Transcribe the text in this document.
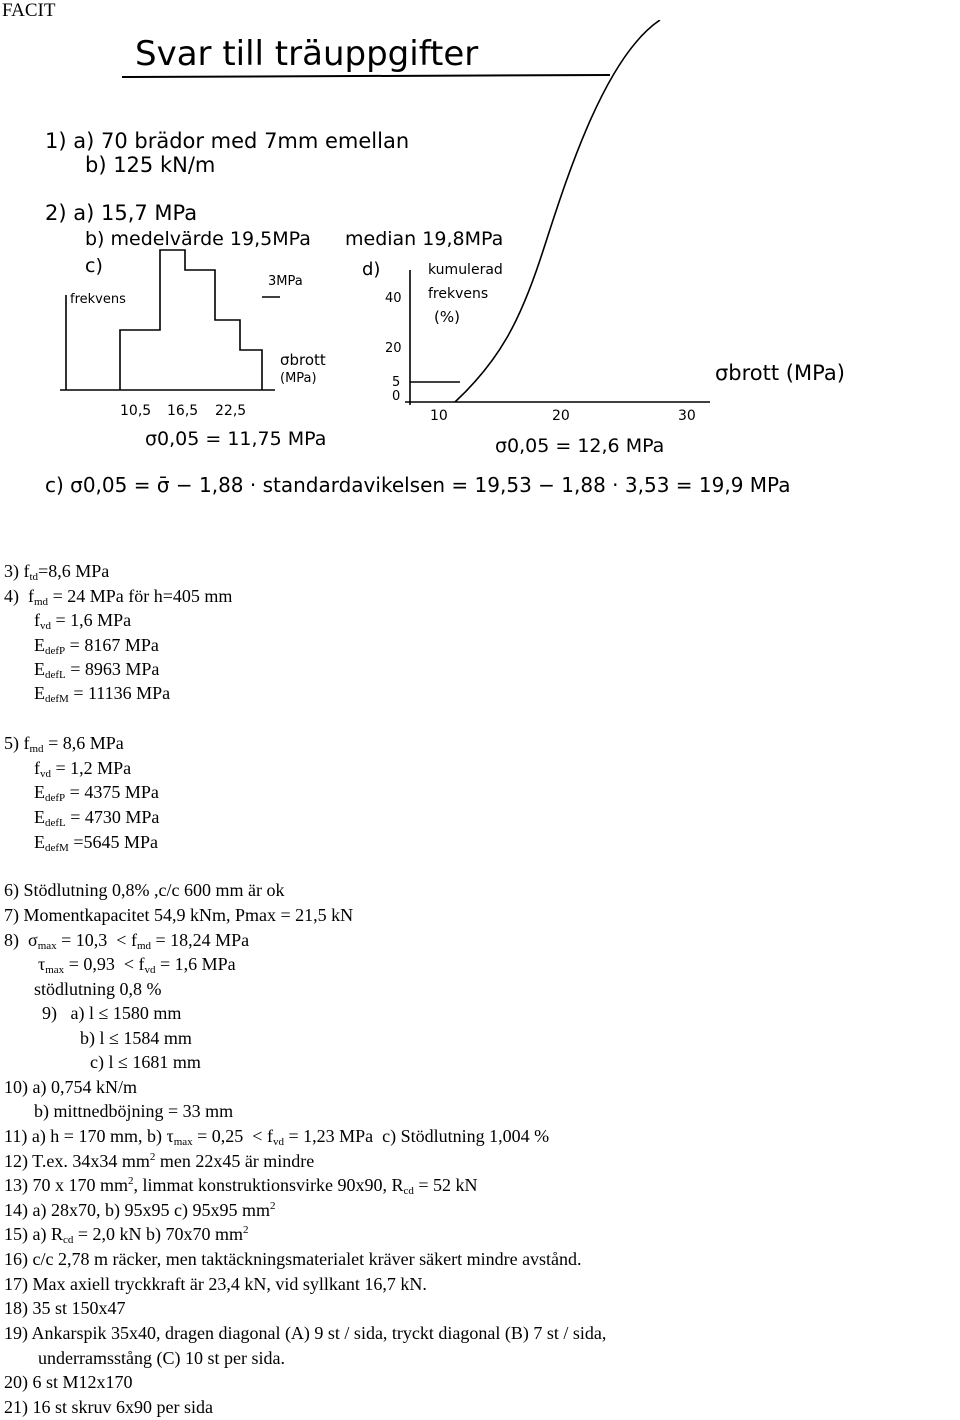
FACIT
Svar till träuppgifter
1) a) 70 brädor med 7mm emellan
b) 125 kN/m
2) a) 15,7 MPa
b) medelvärde 19,5MPa median 19,8MPa
c)
frekvens
3MPa
σbrott
(MPa)
10,5 16,5 22,5
σ0,05 = 11,75 MPa
d)	kumulerad
frekvens
(%)
40
20
5
0
10	20	30
σbrott (MPa)
σ0,05 = 12,6 MPa
c) σ0,05 = σ̄ − 1,88 · standardavikelsen = 19,53 − 1,88 · 3,53 = 19,9 MPa
3) $f_{td}=8,6$ MPa
4)  $f_{md} = 24$ MPa för h=405 mm
$f_{vd} = 1,6$ MPa
$E_{defP} = 8167$ MPa
$E_{defL} = 8963$ MPa
$E_{defM} = 11136$ MPa
5) $f_{md} = 8,6$ MPa
$f_{vd} = 1,2$ MPa
$E_{defP} = 4375$ MPa
$E_{defL} = 4730$ MPa
$E_{defM} =5645$ MPa
6) Stödlutning 0,8% ,c/c 600 mm är ok
7) Momentkapacitet 54,9 kNm, Pmax = 21,5 kN
8)  $\sigma_{max} = 10,3 < f_{md} = 18,24$ MPa
$\tau_{max} = 0,93 < f_{vd} = 1,6$ MPa
stödlutning 0,8 %
9)   a) l ≤ 1580 mm
b) l ≤ 1584 mm
c) l ≤ 1681 mm
10) a) 0,754 kN/m
b) mittnedböjning = 33 mm
11) a) h = 170 mm, b) $\tau_{max} = 0,25 < f_{vd} = 1,23$ MPa  c) Stödlutning 1,004 %
12) T.ex. 34x34 $mm^2$ men 22x45 är mindre
13) 70 x 170 $mm^2$, limmat konstruktionsvirke 90x90, $R_{cd} = 52$ kN
14) a) 28x70, b) 95x95 c) 95x95 $mm^2$
15) a) $R_{cd} = 2,0$ kN b) 70x70 $mm^2$
16) c/c 2,78 m räcker, men taktäckningsmaterialet kräver säkert mindre avstånd.
17) Max axiell tryckkraft är 23,4 kN, vid syllkant 16,7 kN.
18) 35 st 150x47
19) Ankarspik 35x40, dragen diagonal (A) 9 st / sida, tryckt diagonal (B) 7 st / sida,
underramsstång (C) 10 st per sida.
20) 6 st M12x170
21) 16 st skruv 6x90 per sida
